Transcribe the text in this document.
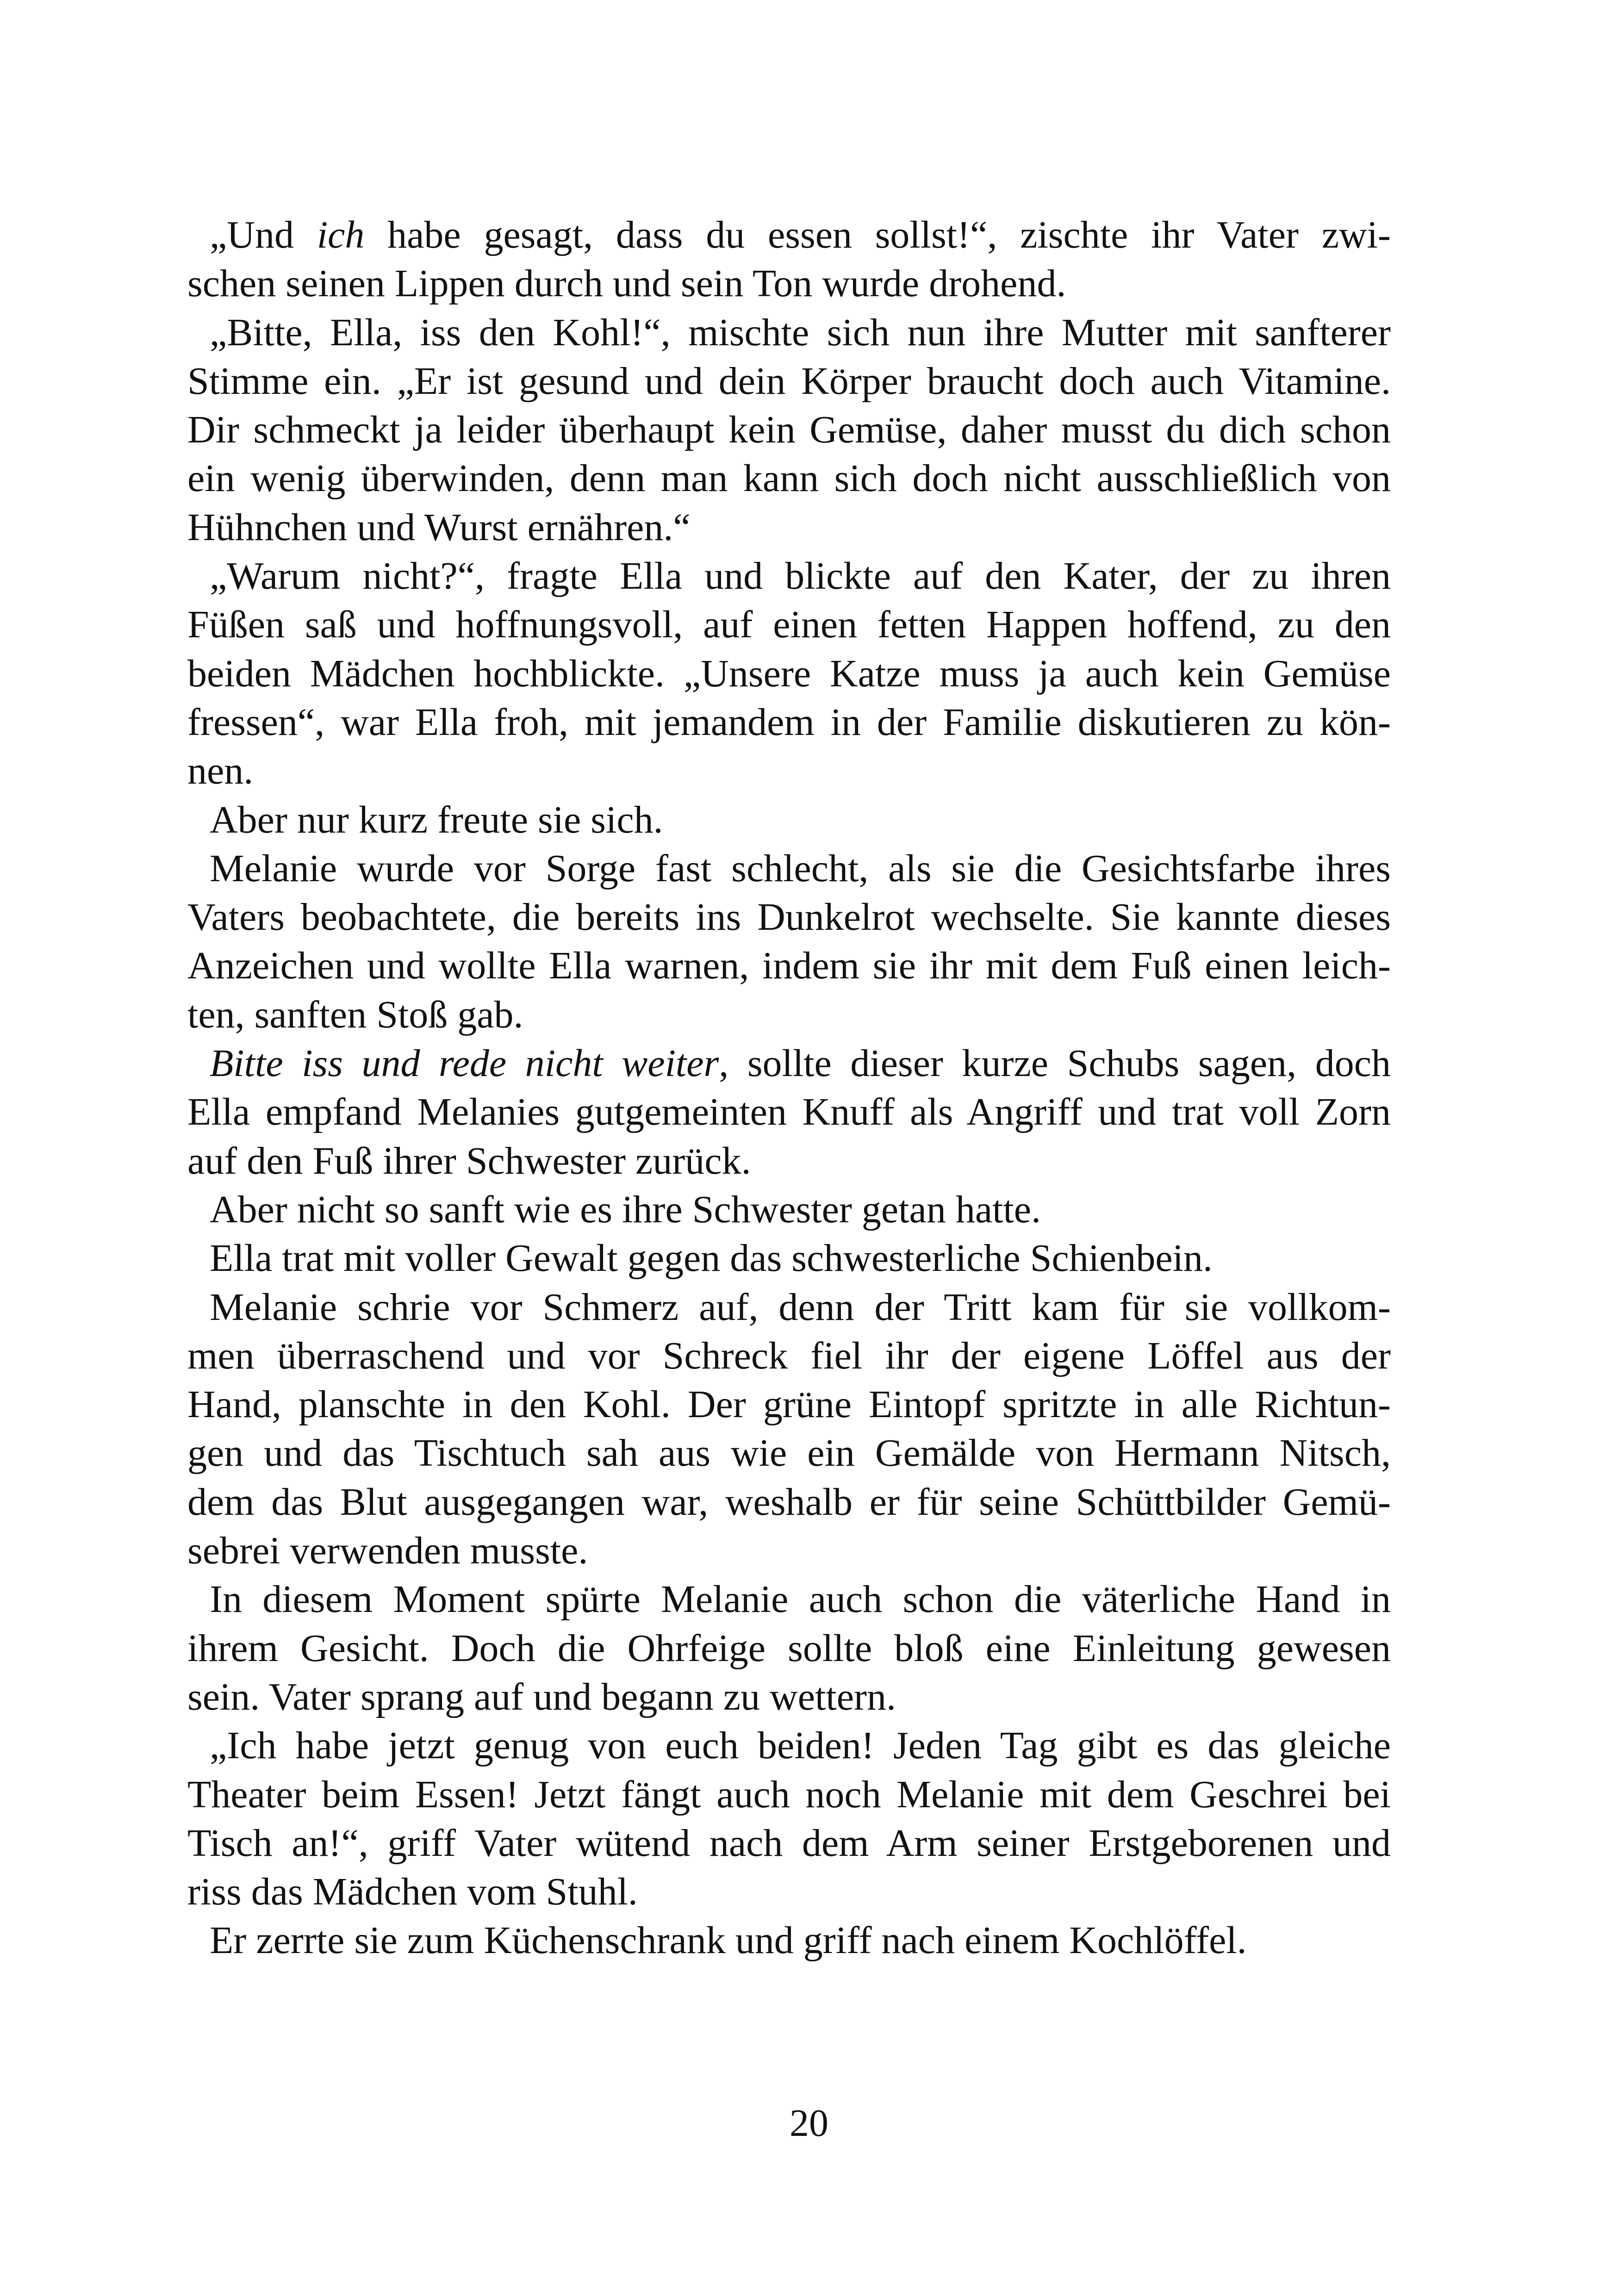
„Und ich habe gesagt, dass du essen sollst!“, zischte ihr Vater zwi-
schen seinen Lippen durch und sein Ton wurde drohend.
„Bitte, Ella, iss den Kohl!“, mischte sich nun ihre Mutter mit sanfterer
Stimme ein. „Er ist gesund und dein Körper braucht doch auch Vitamine.
Dir schmeckt ja leider überhaupt kein Gemüse, daher musst du dich schon
ein wenig überwinden, denn man kann sich doch nicht ausschließlich von
Hühnchen und Wurst ernähren.“
„Warum nicht?“, fragte Ella und blickte auf den Kater, der zu ihren
Füßen saß und hoffnungsvoll, auf einen fetten Happen hoffend, zu den
beiden Mädchen hochblickte. „Unsere Katze muss ja auch kein Gemüse
fressen“, war Ella froh, mit jemandem in der Familie diskutieren zu kön-
nen.
Aber nur kurz freute sie sich.
Melanie wurde vor Sorge fast schlecht, als sie die Gesichtsfarbe ihres
Vaters beobachtete, die bereits ins Dunkelrot wechselte. Sie kannte dieses
Anzeichen und wollte Ella warnen, indem sie ihr mit dem Fuß einen leich-
ten, sanften Stoß gab.
Bitte iss und rede nicht weiter, sollte dieser kurze Schubs sagen, doch
Ella empfand Melanies gutgemeinten Knuff als Angriff und trat voll Zorn
auf den Fuß ihrer Schwester zurück.
Aber nicht so sanft wie es ihre Schwester getan hatte.
Ella trat mit voller Gewalt gegen das schwesterliche Schienbein.
Melanie schrie vor Schmerz auf, denn der Tritt kam für sie vollkom-
men überraschend und vor Schreck fiel ihr der eigene Löffel aus der
Hand, planschte in den Kohl. Der grüne Eintopf spritzte in alle Richtun-
gen und das Tischtuch sah aus wie ein Gemälde von Hermann Nitsch,
dem das Blut ausgegangen war, weshalb er für seine Schüttbilder Gemü-
sebrei verwenden musste.
In diesem Moment spürte Melanie auch schon die väterliche Hand in
ihrem Gesicht. Doch die Ohrfeige sollte bloß eine Einleitung gewesen
sein. Vater sprang auf und begann zu wettern.
„Ich habe jetzt genug von euch beiden! Jeden Tag gibt es das gleiche
Theater beim Essen! Jetzt fängt auch noch Melanie mit dem Geschrei bei
Tisch an!“, griff Vater wütend nach dem Arm seiner Erstgeborenen und
riss das Mädchen vom Stuhl.
Er zerrte sie zum Küchenschrank und griff nach einem Kochlöffel.
20
